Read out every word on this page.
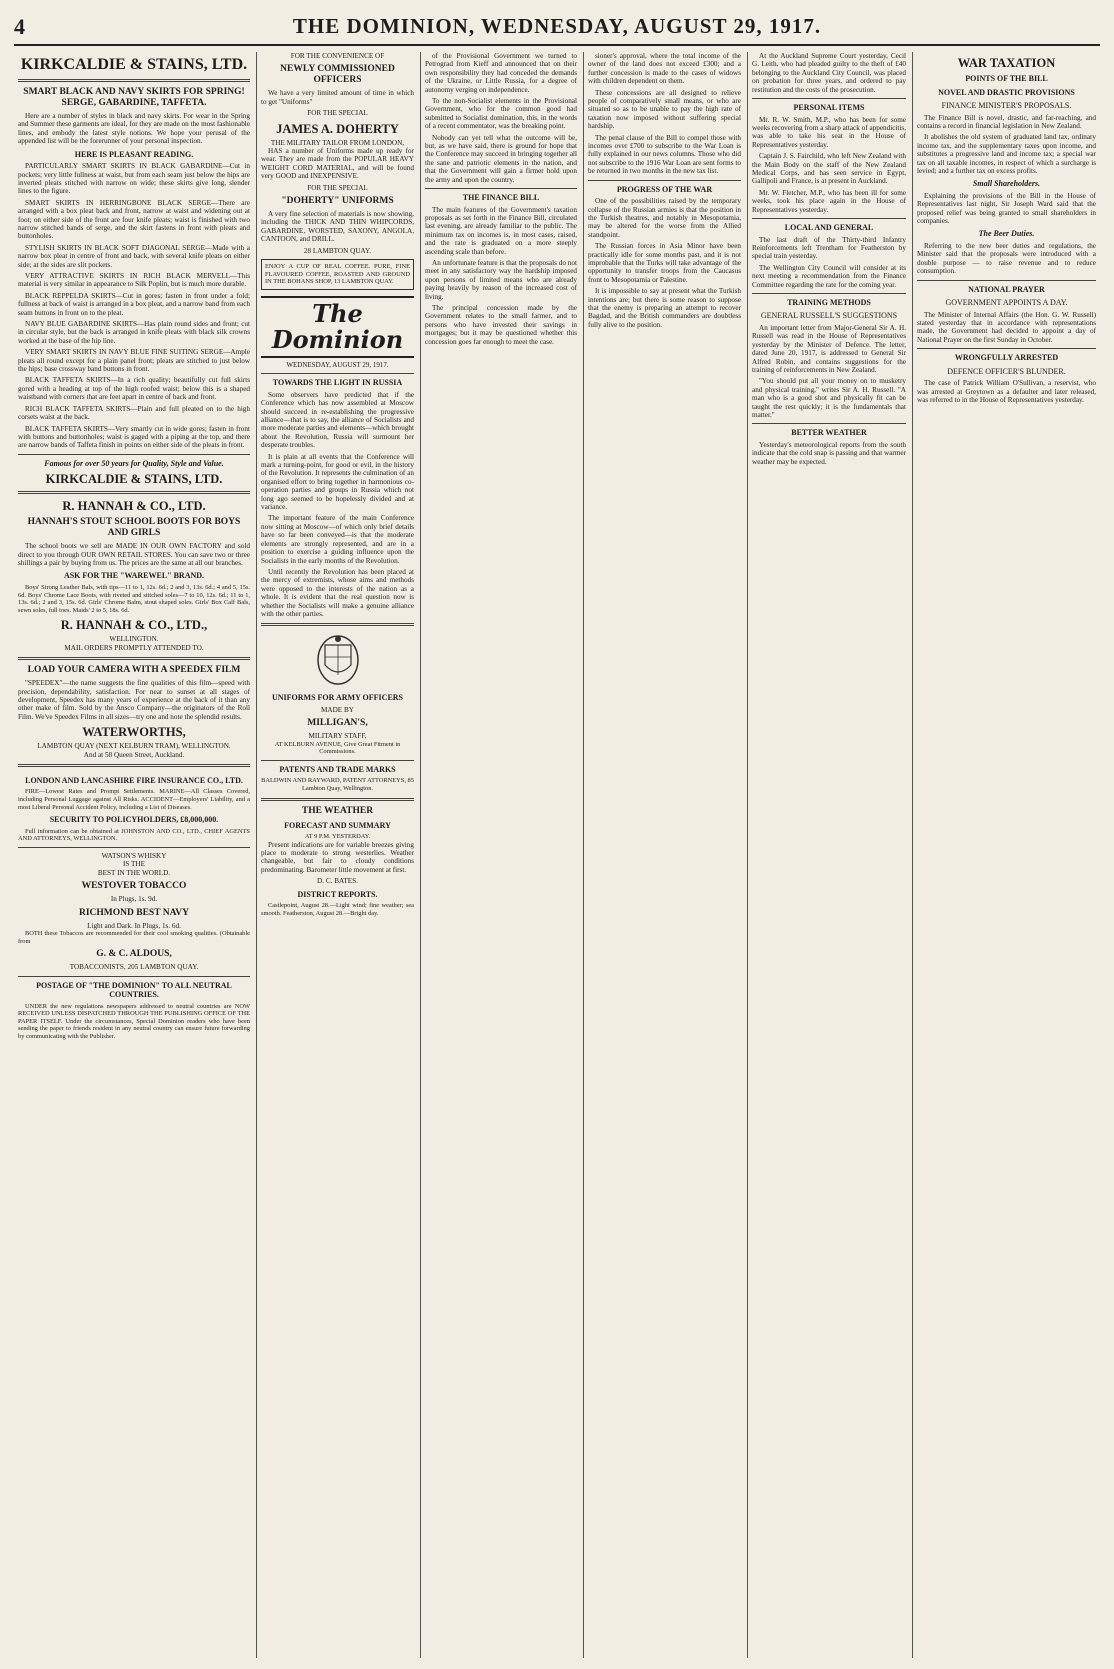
4	THE DOMINION, WEDNESDAY, AUGUST 29, 1917.
KIRKCALDIE & STAINS, LTD.
SMART BLACK AND NAVY SKIRTS FOR SPRING! SERGE, GABARDINE, TAFFETA.

Here are a number of styles in black and navy skirts. For wear in the Spring and Summer these garments are ideal, for they are made on the most fashionable lines, and embody the latest style notions. We hope your perusal of the appended list will be the forerunner of your personal inspection.

HERE IS PLEASANT READING.

PARTICULARLY SMART SKIRTS IN BLACK GABARDINE—Cut in pockets; very little fullness at waist, but from each seam just below the hips are inverted pleats stitched with narrow on wide; these skirts give long, slender lines to the figure.

SMART SKIRTS IN HERRINGBONE BLACK SERGE—There are arranged with a box pleat back and front, narrow at waist and widening out at foot; on either side of the front are four knife pleats; waist is finished with two narrow stitched bands of serge, and the skirt fastens in front with pleats and buttonholes.

STYLISH SKIRTS IN BLACK SOFT DIAGONAL SERGE—Made with a narrow box pleat in centre of front and back, with several knife pleats on either side; at the sides are slit pockets.

VERY ATTRACTIVE SKIRTS IN RICH BLACK MERVELL—This material is very similar in appearance to Silk Poplin, but is much more durable.

BLACK REPPELDA SKIRTS—Cut in gores; fasten in front under a fold; fullness at back of waist is arranged in a box pleat, and a narrow band from each seam buttons in front on to the pleat.

NAVY BLUE GABARDINE SKIRTS—Has plain round sides and front; cut in circular style, but the back is arranged in knife pleats with black silk crowns worked at the base of the hip line.

VERY SMART SKIRTS IN NAVY BLUE FINE SUITING SERGE—Ample pleats all round except for a plain panel front; pleats are stitched to just below the hips; base crossway band buttons in front.

BLACK TAFFETA SKIRTS—In a rich quality; beautifully cut full skirts gored with a heading at top of the high roofed waist; below this is a shaped waistband with corners that are feet apart in centre of back and front.

RICH BLACK TAFFETA SKIRTS—Plain and full pleated on to the high corsets waist at the back.

BLACK TAFFETA SKIRTS—Very smartly cut in wide gores; fasten in front with buttons and buttonholes; waist is gaged with a piping at the top, and there are narrow bands of Taffeta finish in points on either side of the pleats in front.

Famous for over 50 years for Quality, Style and Value.
KIRKCALDIE & STAINS, LTD.
R. HANNAH & CO., LTD.
HANNAH'S STOUT SCHOOL BOOTS FOR BOYS AND GIRLS

The school boots we sell are MADE IN OUR OWN FACTORY and sold direct to you through OUR OWN RETAIL STORES. You can save two or three shillings a pair by buying from us. The prices are the same at all our branches.

ASK FOR THE "WAREWEL" BRAND.

Boys' Strong Leather Bals, with tips—11 to 1, 12s. 6d.; 2 and 3, 13s. 6d.; 4 and 5, 15s. 6d. Boys' Chrome Lace Boots, with riveted and stitched soles—7 to 10, 12s. 6d.; 11 to 1, 13s. 6d.; 2 and 3, 15s. 6d. Girls' Chrome Balm, stout shaped soles. Girls' Box Calf Bals, sewn soles, full toes. Maids' 2 to 5, 18s. 6d.

R. HANNAH & CO., LTD.,
WELLINGTON.
MAIL ORDERS PROMPTLY ATTENDED TO.
LOAD YOUR CAMERA WITH A SPEEDEX FILM

"SPEEDEX"—the name suggests the fine qualities of this film—speed with precision, dependability, satisfaction. For near to sunset at all stages of development, Speedex has many years of experience at the back of it than any other make of film. Sold by the Ansco Company—the originators of the Roll Film. We've Speedex Films in all sizes—try one and note the splendid results.

WATERWORTHS,
LAMBTON QUAY (NEXT KELBURN TRAM), WELLINGTON.
And at 58 Queen Street, Auckland.
LONDON AND LANCASHIRE FIRE INSURANCE CO., LTD.

FIRE—Lowest Rates and Prompt Settlements. MARINE—All Classes Covered, including Personal Luggage against All Risks. ACCIDENT—Employers' Liability, and a most Liberal Personal Accident Policy, including a List of Diseases.

SECURITY TO POLICYHOLDERS, £8,000,000.

Full information can be obtained at JOHNSTON AND CO., LTD., CHIEF AGENTS AND ATTORNEYS, WELLINGTON.

WATSON'S WHISKY
IS THE
BEST IN THE WORLD.
WESTOVER TOBACCO
In Plugs, 1s. 9d.
RICHMOND BEST NAVY
Light and Dark. In Plugs, 1s. 6d.

BOTH these Tobaccos are recommended for their cool smoking qualities. (Obtainable from

G. & C. ALDOUS,
TOBACCONISTS, 205 LAMBTON QUAY.
POSTAGE OF "THE DOMINION" TO ALL NEUTRAL COUNTRIES.

UNDER the new regulations newspapers addressed to neutral countries are NOW RECEIVED UNLESS DISPATCHED THROUGH THE PUBLISHING OFFICE OF THE PAPER ITSELF. Under the circumstances, Special Dominion readers who have been sending the paper to friends resident in any neutral country can ensure future forwarding by communicating with the Publisher.

FOR THE CONVENIENCE OF
NEWLY COMMISSIONED OFFICERS

We have a very limited amount of time in which to get "Uniforms"

FOR THE SPECIAL
JAMES A. DOHERTY
THE MILITARY TAILOR FROM LONDON,

HAS a number of Uniforms made up ready for wear. They are made from the POPULAR HEAVY WEIGHT CORD MATERIAL, and will be found very GOOD and INEXPENSIVE.

FOR THE SPECIAL
"DOHERTY" UNIFORMS

A very fine selection of materials is now showing, including the THICK AND THIN WHIPCORDS, GABARDINE, WORSTED, SAXONY, ANGOLA, CANTOON, and DRILL.

28 LAMBTON QUAY.
ENJOY A CUP OF REAL COFFEE. PURE, FINE FLAVOURED COFFEE, ROASTED AND GROUND IN THE BOHANS SHOP, 13 LAMBTON QUAY.
The Dominion
WEDNESDAY, AUGUST 29, 1917.
TOWARDS THE LIGHT IN RUSSIA

Some observers have predicted that if the Conference which has now assembled at Moscow should succeed in re-establishing the progressive alliance—that is to say, the alliance of Socialists and more moderate parties and elements—which brought about the Revolution, Russia will surmount her desperate troubles.

It is plain at all events that the Conference will mark a turning-point, for good or evil, in the history of the Revolution. It represents the culmination of an organised effort to bring together in harmonious co-operation parties and groups in Russia which not long ago seemed to be hopelessly divided and at variance.

The important feature of the main Conference now sitting at Moscow—of which only brief details have so far been conveyed—is that the moderate elements are strongly represented, and are in a position to exercise a guiding influence upon the Socialists in the early months of the Revolution.

Until recently the Revolution has been placed at the mercy of extremists, whose aims and methods were opposed to the interests of the nation as a whole. It is evident that the real question now is whether the Socialists will make a genuine alliance with the other parties.

UNIFORMS FOR ARMY OFFICERS
MADE BY
MILLIGAN'S,
MILITARY STAFF,
AT KELBURN AVENUE, Give Great Fitment in Commissions.
PATENTS AND TRADE MARKS
BALDWIN AND RAYWARD, PATENT ATTORNEYS, 85 Lambton Quay, Wellington.
THE WEATHER
FORECAST AND SUMMARY
AT 9 P.M. YESTERDAY.

Present indications are for variable breezes giving place to moderate to strong westerlies. Weather changeable, but fair to cloudy conditions predominating. Barometer little movement at first.

D. C. BATES.
DISTRICT REPORTS.

Castlepoint, August 28.—Light wind; fine weather; sea smooth. Featherston, August 28.—Bright day.

of the Provisional Government we turned to Petrograd from Kieff and announced that on their own responsibility they had conceded the demands of the Ukraine, or Little Russia, for a degree of autonomy verging on independence.

To the non-Socialist elements in the Provisional Government, who for the common good had submitted to Socialist domination, this, in the words of a recent commentator, was the breaking point.

Nobody can yet tell what the outcome will be, but, as we have said, there is ground for hope that the Conference may succeed in bringing together all the sane and patriotic elements in the nation, and that the Government will gain a firmer hold upon the army and upon the country.

THE FINANCE BILL

The main features of the Government's taxation proposals as set forth in the Finance Bill, circulated last evening, are already familiar to the public. The minimum tax on incomes is, in most cases, raised, and the rate is graduated on a more steeply ascending scale than before.

An unfortunate feature is that the proposals do not meet in any satisfactory way the hardship imposed upon persons of limited means who are already paying heavily by reason of the increased cost of living.

The principal concession made by the Government relates to the small farmer, and to persons who have invested their savings in mortgages; but it may be questioned whether this concession goes far enough to meet the case.

sioner's approval, where the total income of the owner of the land does not exceed £300; and a further concession is made to the cases of widows with children dependent on them.

These concessions are all designed to relieve people of comparatively small means, or who are situated so as to be unable to pay the high rate of taxation now imposed without suffering special hardship.

The penal clause of the Bill to compel those with incomes over £700 to subscribe to the War Loan is fully explained in our news columns. Those who did not subscribe to the 1916 War Loan are sent forms to be returned in two months in the new tax list.

PROGRESS OF THE WAR

One of the possibilities raised by the temporary collapse of the Russian armies is that the position in the Turkish theatres, and notably in Mesopotamia, may be altered for the worse from the Allied standpoint.

The Russian forces in Asia Minor have been practically idle for some months past, and it is not improbable that the Turks will take advantage of the opportunity to transfer troops from the Caucasus front to Mesopotamia or Palestine.

It is impossible to say at present what the Turkish intentions are; but there is some reason to suppose that the enemy is preparing an attempt to recover Bagdad, and the British commanders are doubtless fully alive to the position.

At the Auckland Supreme Court yesterday, Cecil G. Leith, who had pleaded guilty to the theft of £40 belonging to the Auckland City Council, was placed on probation for three years, and ordered to pay restitution and the costs of the prosecution.

PERSONAL ITEMS

Mr. R. W. Smith, M.P., who has been for some weeks recovering from a sharp attack of appendicitis, was able to take his seat in the House of Representatives yesterday.

Captain J. S. Fairchild, who left New Zealand with the Main Body on the staff of the New Zealand Medical Corps, and has seen service in Egypt, Gallipoli and France, is at present in Auckland.

Mr. W. Fletcher, M.P., who has been ill for some weeks, took his place again in the House of Representatives yesterday.

LOCAL AND GENERAL

The last draft of the Thirty-third Infantry Reinforcements left Trentham for Featherston by special train yesterday.

The Wellington City Council will consider at its next meeting a recommendation from the Finance Committee regarding the rate for the coming year.

TRAINING METHODS
GENERAL RUSSELL'S SUGGESTIONS

An important letter from Major-General Sir A. H. Russell was read in the House of Representatives yesterday by the Minister of Defence. The letter, dated June 20, 1917, is addressed to General Sir Alfred Robin, and contains suggestions for the training of reinforcements in New Zealand.

"You should put all your money on to musketry and physical training," writes Sir A. H. Russell. "A man who is a good shot and physically fit can be taught the rest quickly; it is the fundamentals that matter."

BETTER WEATHER

Yesterday's meteorological reports from the south indicate that the cold snap is passing and that warmer weather may be expected.

WAR TAXATION
POINTS OF THE BILL
NOVEL AND DRASTIC PROVISIONS
FINANCE MINISTER'S PROPOSALS.

The Finance Bill is novel, drastic, and far-reaching, and contains a record in financial legislation in New Zealand.

It abolishes the old system of graduated land tax, ordinary income tax, and the supplementary taxes upon income, and substitutes a progressive land and income tax; a special war tax on all taxable incomes, in respect of which a surcharge is levied; and a further tax on excess profits.

Small Shareholders.

Explaining the provisions of the Bill in the House of Representatives last night, Sir Joseph Ward said that the proposed relief was being granted to small shareholders in companies.

The Beer Duties.

Referring to the new beer duties and regulations, the Minister said that the proposals were introduced with a double purpose — to raise revenue and to reduce consumption.

NATIONAL PRAYER
GOVERNMENT APPOINTS A DAY.

The Minister of Internal Affairs (the Hon. G. W. Russell) stated yesterday that in accordance with representations made, the Government had decided to appoint a day of National Prayer on the first Sunday in October.

WRONGFULLY ARRESTED
DEFENCE OFFICER'S BLUNDER.

The case of Patrick William O'Sullivan, a reservist, who was arrested at Greytown as a defaulter and later released, was referred to in the House of Representatives yesterday.
